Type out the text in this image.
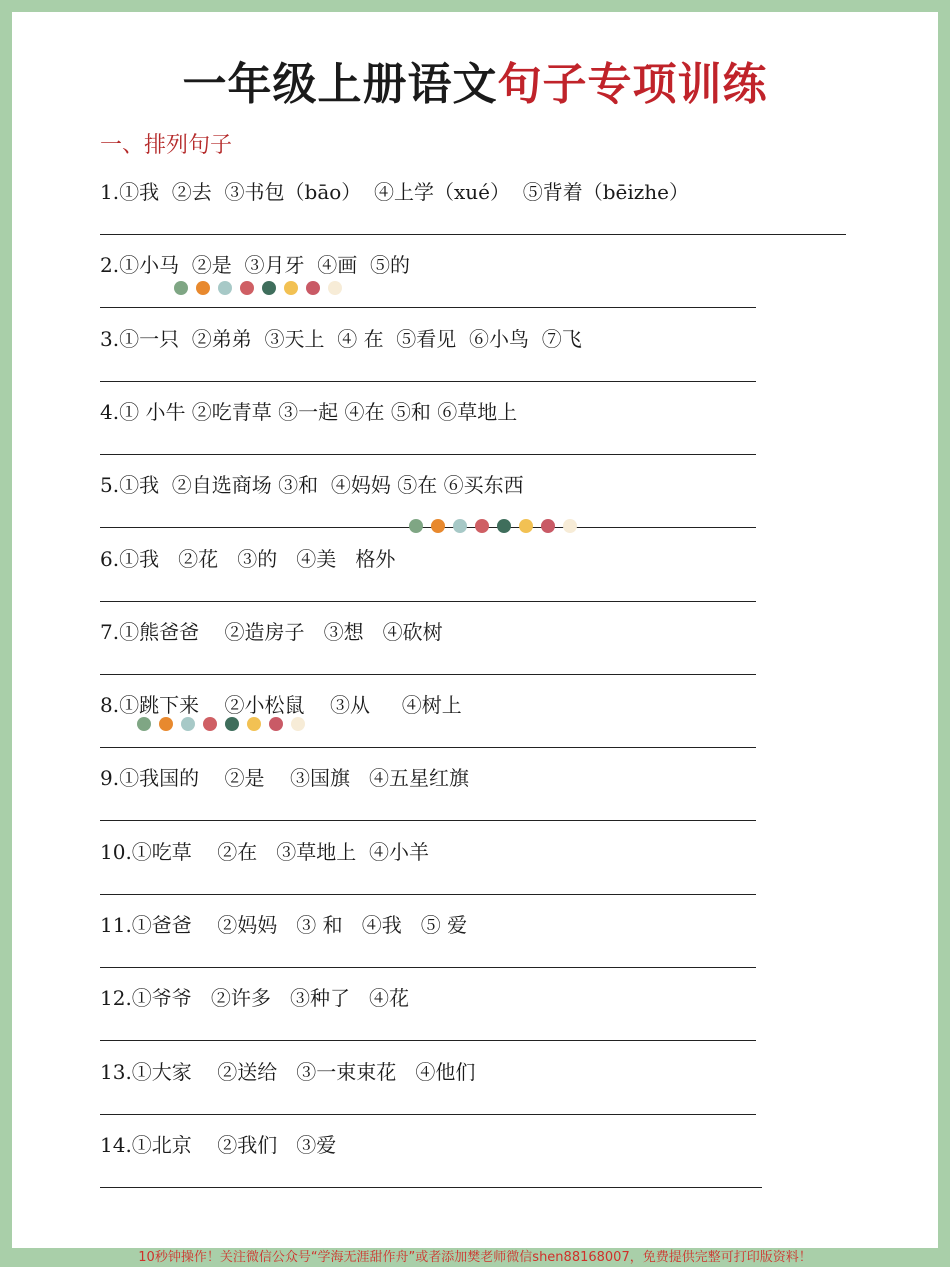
一年级上册语文句子专项训练
一、排列句子
1.①我  ②去  ③书包（bāo）  ④上学（xué）  ⑤背着（bēizhe）
2.①小马  ②是  ③月牙  ④画  ⑤的
3.①一只  ②弟弟  ③天上  ④ 在  ⑤看见  ⑥小鸟  ⑦飞
4.① 小牛 ②吃青草 ③一起 ④在 ⑤和 ⑥草地上
5.①我  ②自选商场 ③和  ④妈妈 ⑤在 ⑥买东西
6.①我   ②花   ③的   ④美   格外
7.①熊爸爸    ②造房子   ③想   ④砍树
8.①跳下来    ②小松鼠    ③从     ④树上
9.①我国的    ②是    ③国旗   ④五星红旗
10.①吃草    ②在   ③草地上  ④小羊
11.①爸爸    ②妈妈   ③ 和   ④我   ⑤ 爱
12.①爷爷   ②许多   ③种了   ④花
13.①大家    ②送给   ③一束束花   ④他们
14.①北京    ②我们   ③爱
10秒钟操作！关注微信公众号“学海无涯甜作舟”或者添加樊老师微信shen88168007，免费提供完整可打印版资料！
